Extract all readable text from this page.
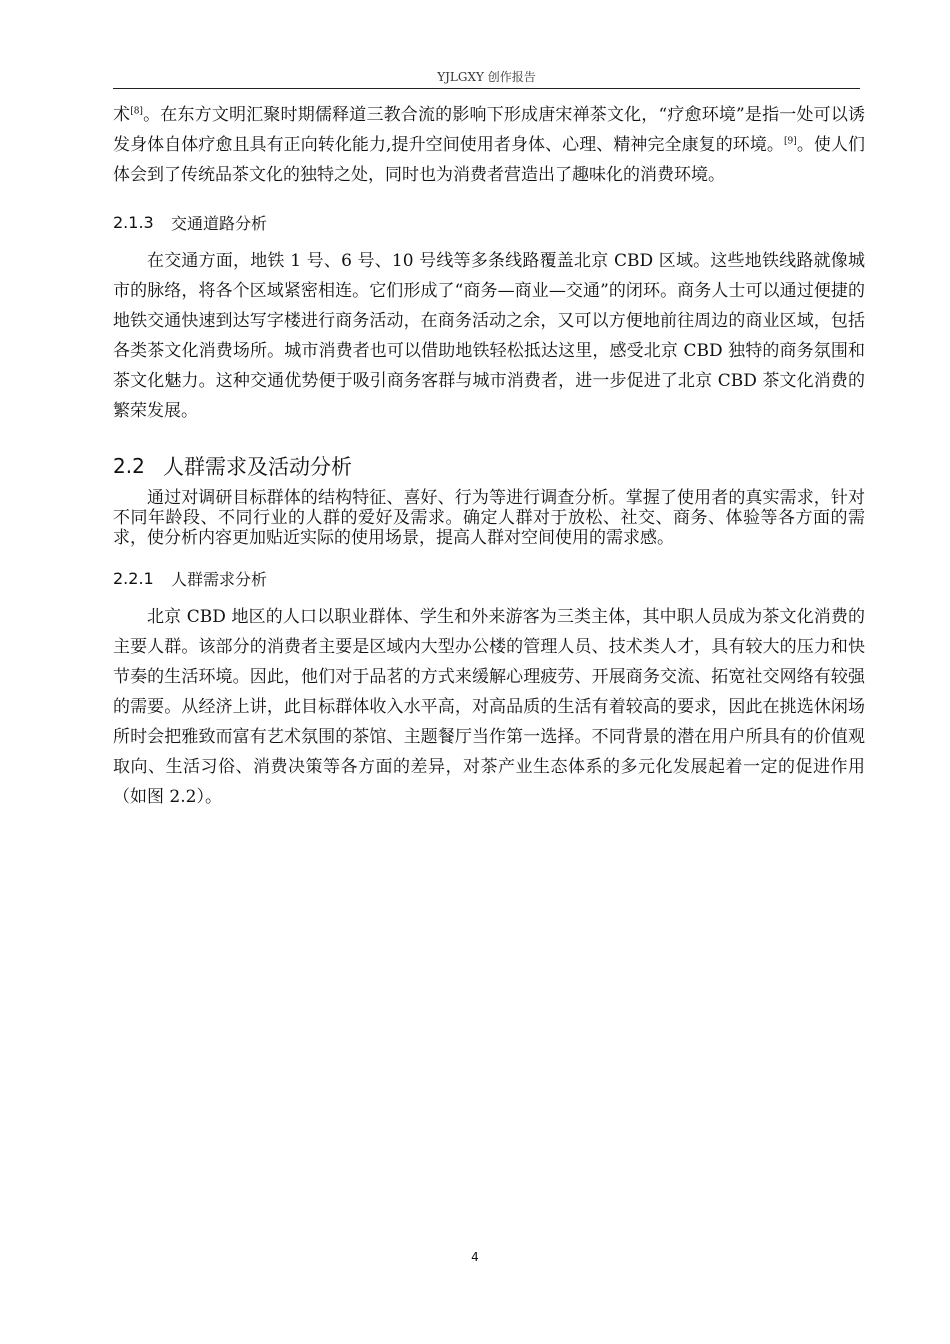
YJLGXY 创作报告

术[8]。在东方文明汇聚时期儒释道三教合流的影响下形成唐宋禅茶文化，“疗愈环境”是指一处可以诱发身体自体疗愈且具有正向转化能力,提升空间使用者身体、心理、精神完全康复的环境。[9]。使人们体会到了传统品茶文化的独特之处，同时也为消费者营造出了趣味化的消费环境。

2.1.3	交通道路分析

在交通方面，地铁 1 号、6 号、10 号线等多条线路覆盖北京 CBD 区域。这些地铁线路就像城市的脉络，将各个区域紧密相连。它们形成了“商务—商业—交通”的闭环。商务人士可以通过便捷的地铁交通快速到达写字楼进行商务活动，在商务活动之余，又可以方便地前往周边的商业区域，包括各类茶文化消费场所。城市消费者也可以借助地铁轻松抵达这里，感受北京 CBD 独特的商务氛围和茶文化魅力。这种交通优势便于吸引商务客群与城市消费者，进一步促进了北京 CBD 茶文化消费的繁荣发展。

2.2 人群需求及活动分析

通过对调研目标群体的结构特征、喜好、行为等进行调查分析。掌握了使用者的真实需求，针对不同年龄段、不同行业的人群的爱好及需求。确定人群对于放松、社交、商务、体验等各方面的需求，使分析内容更加贴近实际的使用场景，提高人群对空间使用的需求感。

2.2.1	人群需求分析

北京 CBD 地区的人口以职业群体、学生和外来游客为三类主体，其中职人员成为茶文化消费的主要人群。该部分的消费者主要是区域内大型办公楼的管理人员、技术类人才，具有较大的压力和快节奏的生活环境。因此，他们对于品茗的方式来缓解心理疲劳、开展商务交流、拓宽社交网络有较强的需要。从经济上讲，此目标群体收入水平高，对高品质的生活有着较高的要求，因此在挑选休闲场所时会把雅致而富有艺术氛围的茶馆、主题餐厅当作第一选择。不同背景的潜在用户所具有的价值观取向、生活习俗、消费决策等各方面的差异，对茶产业生态体系的多元化发展起着一定的促进作用（如图 2.2）。

4
